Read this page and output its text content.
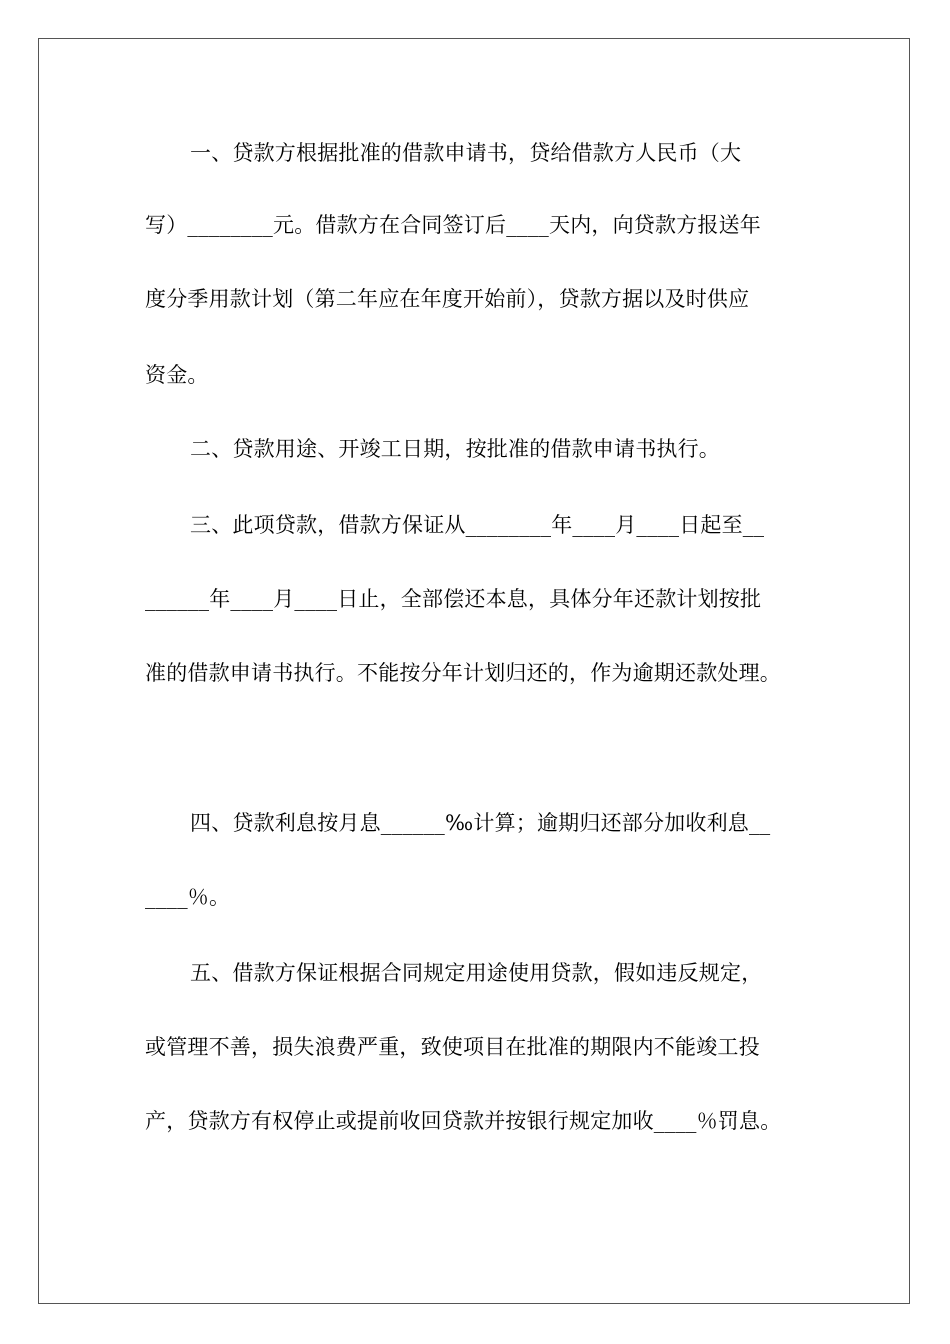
一、贷款方根据批准的借款申请书，贷给借款方人民币（大
写）________元。借款方在合同签订后____天内，向贷款方报送年
度分季用款计划（第二年应在年度开始前），贷款方据以及时供应
资金。
二、贷款用途、开竣工日期，按批准的借款申请书执行。
三、此项贷款，借款方保证从________年____月____日起至__
______年____月____日止，全部偿还本息，具体分年还款计划按批
准的借款申请书执行。不能按分年计划归还的，作为逾期还款处理。
四、贷款利息按月息______‰计算；逾期归还部分加收利息__
____％。
五、借款方保证根据合同规定用途使用贷款，假如违反规定，
或管理不善，损失浪费严重，致使项目在批准的期限内不能竣工投
产，贷款方有权停止或提前收回贷款并按银行规定加收____％罚息。
